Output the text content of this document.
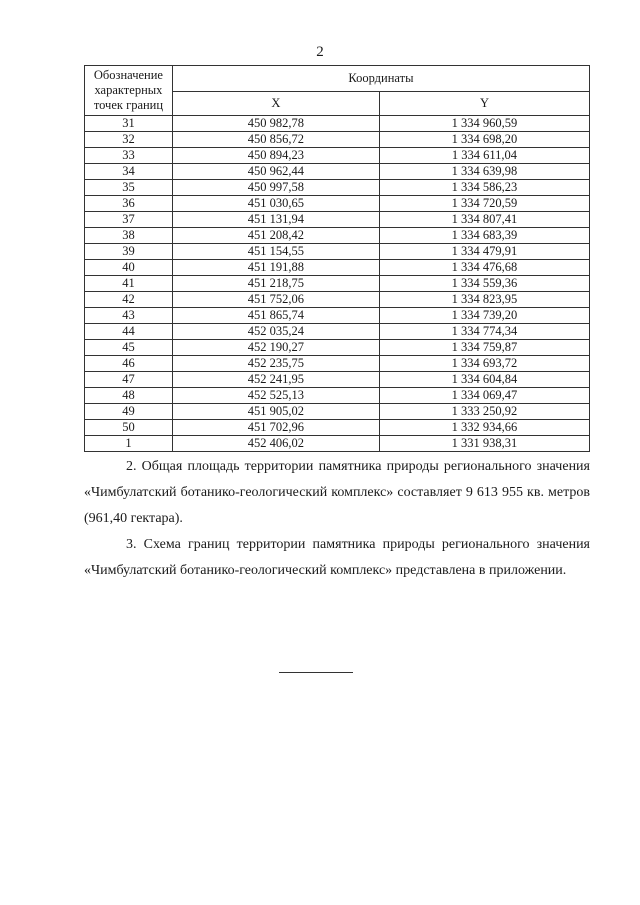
2
Обозначение характерных точек границ	Координаты	
	X	Y
31	450 982,78	1 334 960,59
32	450 856,72	1 334 698,20
33	450 894,23	1 334 611,04
34	450 962,44	1 334 639,98
35	450 997,58	1 334 586,23
36	451 030,65	1 334 720,59
37	451 131,94	1 334 807,41
38	451 208,42	1 334 683,39
39	451 154,55	1 334 479,91
40	451 191,88	1 334 476,68
41	451 218,75	1 334 559,36
42	451 752,06	1 334 823,95
43	451 865,74	1 334 739,20
44	452 035,24	1 334 774,34
45	452 190,27	1 334 759,87
46	452 235,75	1 334 693,72
47	452 241,95	1 334 604,84
48	452 525,13	1 334 069,47
49	451 905,02	1 333 250,92
50	451 702,96	1 332 934,66
1	452 406,02	1 331 938,31

2. Общая площадь территории памятника природы регионального значения «Чимбулатский ботанико-геологический комплекс» составляет 9 613 955 кв. метров (961,40 гектара).

3. Схема границ территории памятника природы регионального значения «Чимбулатский ботанико-геологический комплекс» представлена в приложении.
